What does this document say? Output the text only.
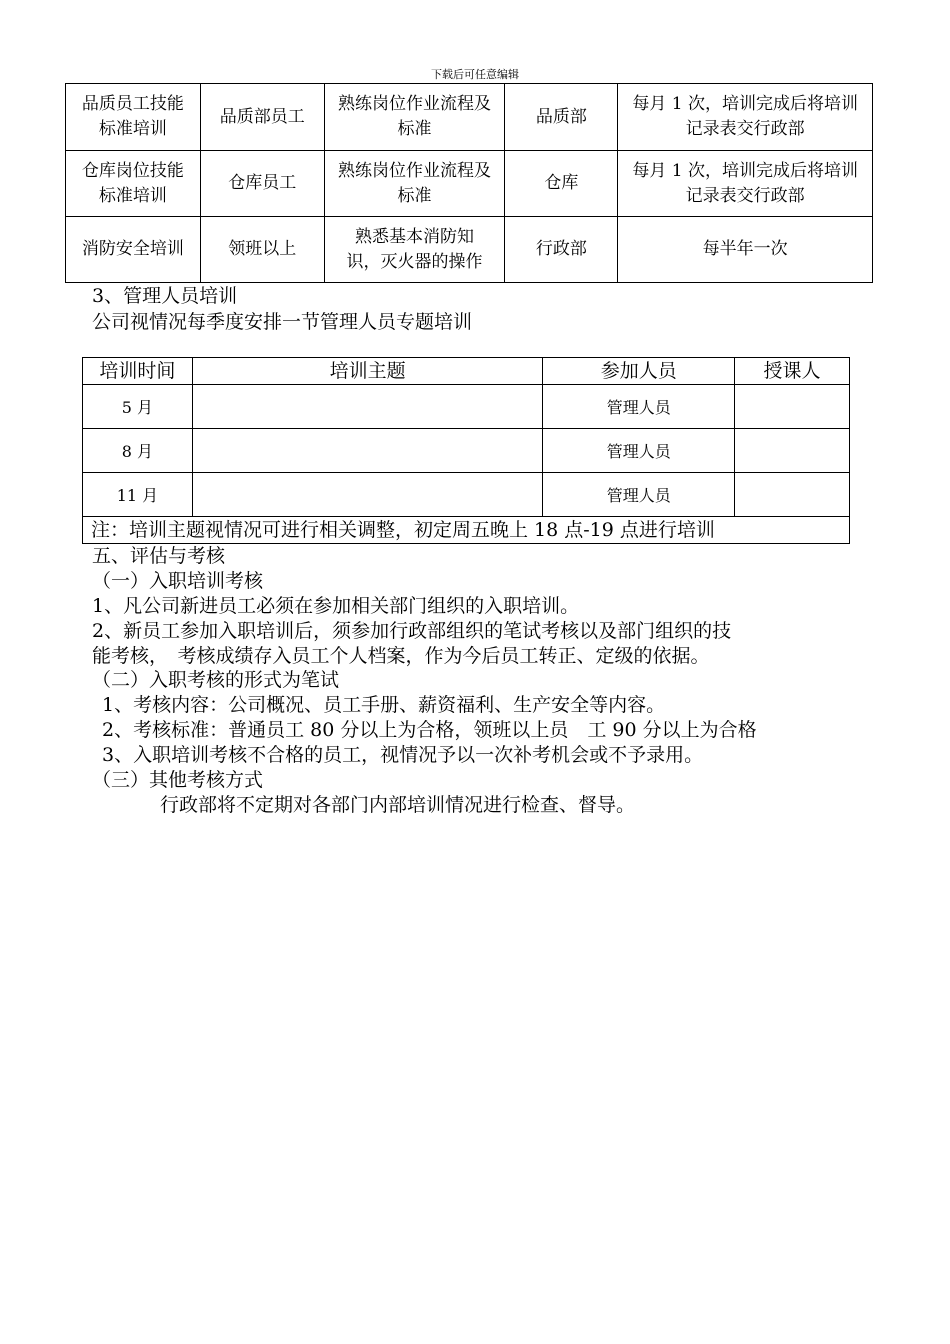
下载后可任意编辑
品质员工技能标准培训	品质部员工	熟练岗位作业流程及标准	品质部	每月 1 次，培训完成后将培训记录表交行政部
仓库岗位技能标准培训	仓库员工	熟练岗位作业流程及标准	仓库	每月 1 次，培训完成后将培训记录表交行政部
消防安全培训	领班以上	熟悉基本消防知识，灭火器的操作	行政部	每半年一次
3、管理人员培训
公司视情况每季度安排一节管理人员专题培训
培训时间	培训主题	参加人员	授课人
5 月		管理人员	
8 月		管理人员	
11 月		管理人员	
注：培训主题视情况可进行相关调整，初定周五晚上 18 点-19 点进行培训			
五、评估与考核
（一）入职培训考核
1、凡公司新进员工必须在参加相关部门组织的入职培训。
2、新员工参加入职培训后，须参加行政部组织的笔试考核以及部门组织的技
能考核，　考核成绩存入员工个人档案，作为今后员工转正、定级的依据。
（二）入职考核的形式为笔试
1、考核内容：公司概况、员工手册、薪资福利、生产安全等内容。
2、考核标准：普通员工 80 分以上为合格，领班以上员　工 90 分以上为合格
3、入职培训考核不合格的员工，视情况予以一次补考机会或不予录用。
（三）其他考核方式
行政部将不定期对各部门内部培训情况进行检查、督导。
